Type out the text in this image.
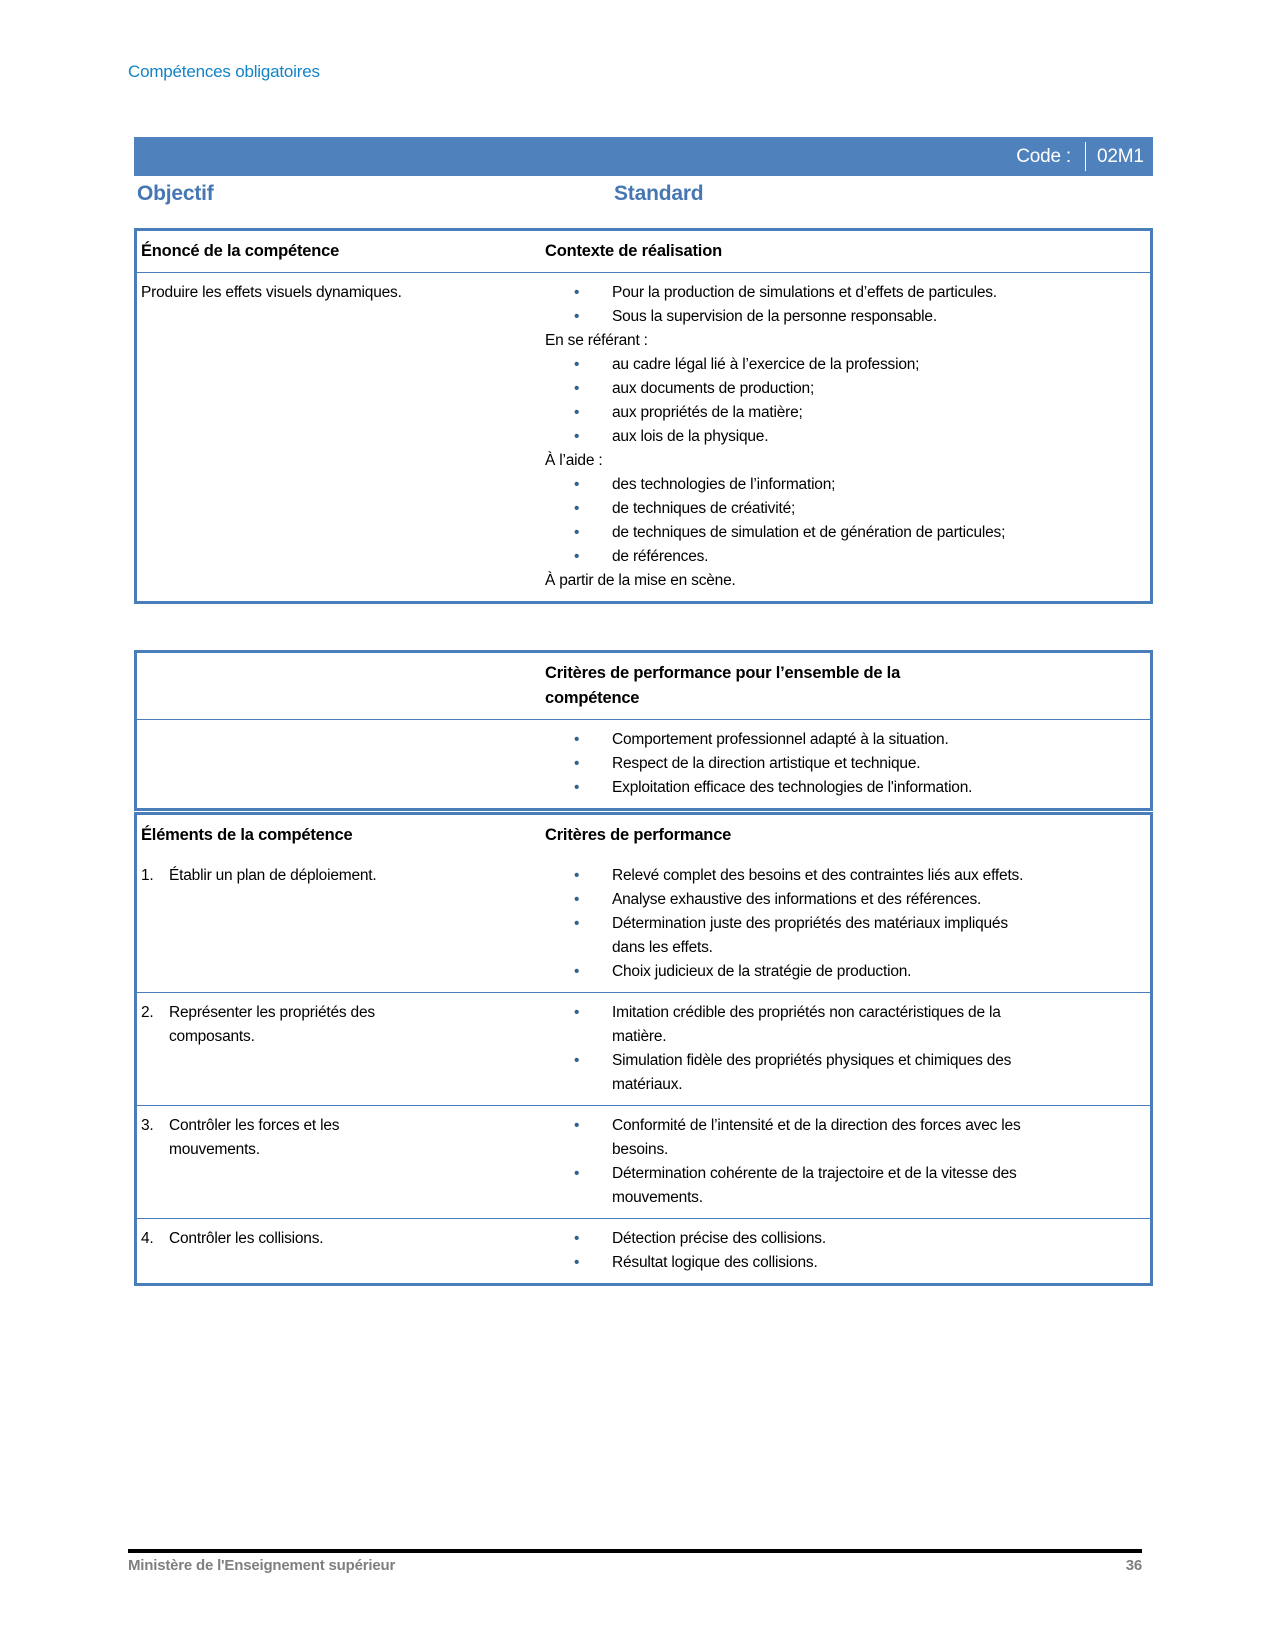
Compétences obligatoires
Code :	02M1
Objectif	Standard
Énoncé de la compétence	Contexte de réalisation
Produire les effets visuels dynamiques.	•	Pour la production de simulations et d’effets de particules.
•	Sous la supervision de la personne responsable.
En se référant :
•	au cadre légal lié à l’exercice de la profession;
•	aux documents de production;
•	aux propriétés de la matière;
•	aux lois de la physique.
À l’aide :
•	des technologies de l’information;
•	de techniques de créativité;
•	de techniques de simulation et de génération de particules;
•	de références.
À partir de la mise en scène.
Critères de performance pour l’ensemble de la compétence
•	Comportement professionnel adapté à la situation.
•	Respect de la direction artistique et technique.
•	Exploitation efficace des technologies de l'information.
Éléments de la compétence	Critères de performance
1. Établir un plan de déploiement.	•	Relevé complet des besoins et des contraintes liés aux effets.
•	Analyse exhaustive des informations et des références.
•	Détermination juste des propriétés des matériaux impliqués dans les effets.
•	Choix judicieux de la stratégie de production.
2. Représenter les propriétés des composants.
•	Imitation crédible des propriétés non caractéristiques de la matière.
•	Simulation fidèle des propriétés physiques et chimiques des matériaux.
3. Contrôler les forces et les mouvements.
•	Conformité de l’intensité et de la direction des forces avec les besoins.
•	Détermination cohérente de la trajectoire et de la vitesse des mouvements.
4. Contrôler les collisions.	•	Détection précise des collisions.
•	Résultat logique des collisions.
Ministère de l'Enseignement supérieur	36
